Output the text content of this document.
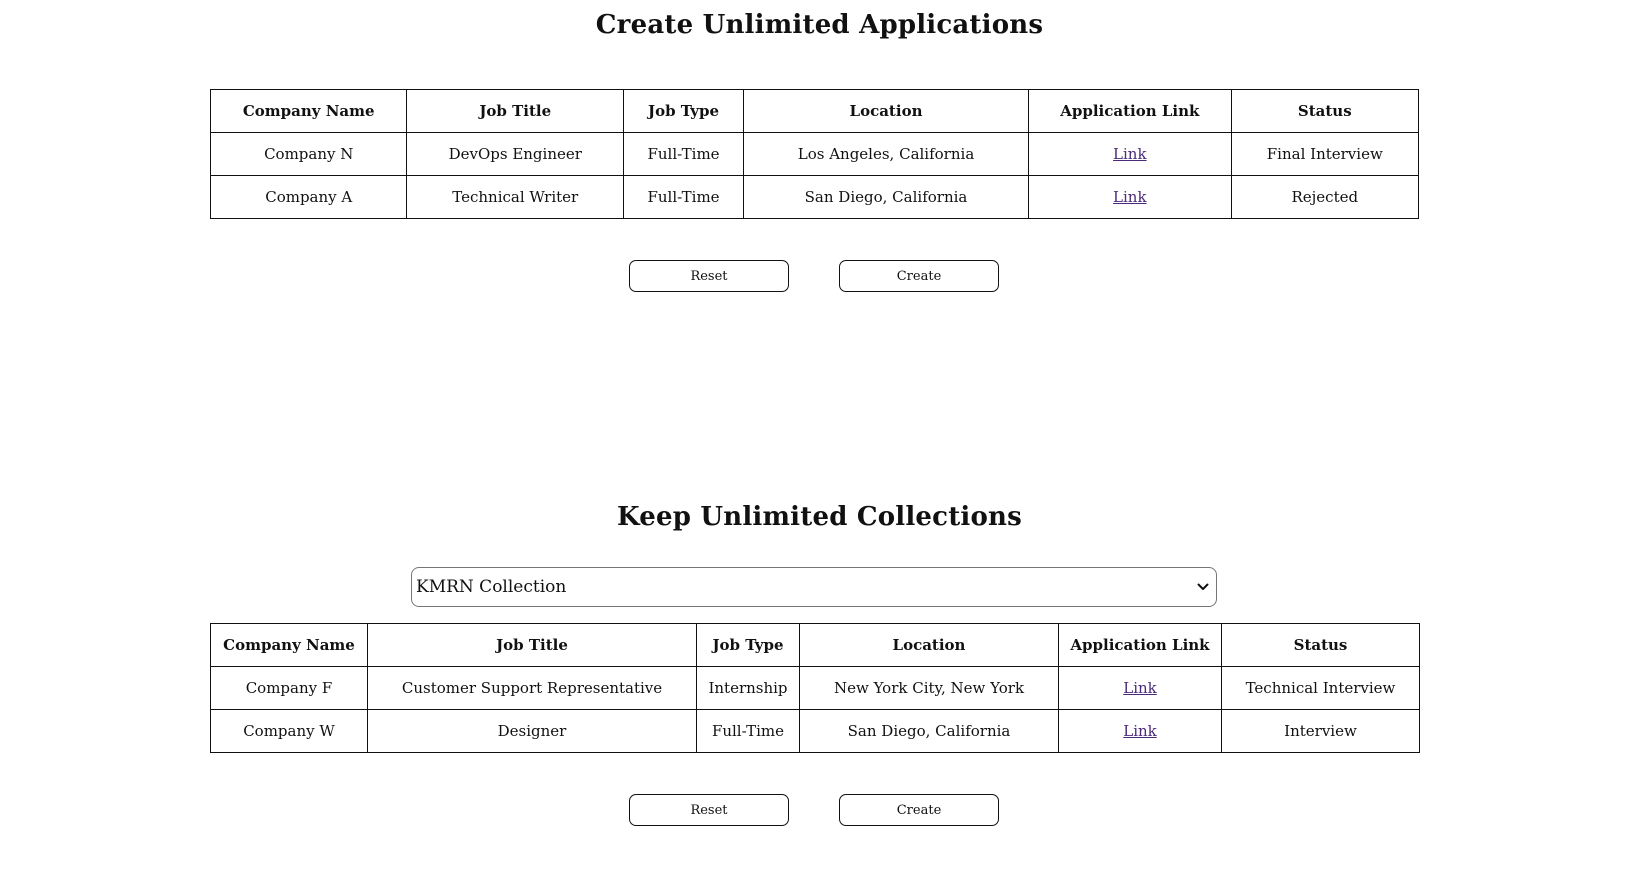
Create Unlimited Applications
Company Name	Job Title	Job Type	Location	Application Link	Status
Company N	DevOps Engineer	Full-Time	Los Angeles, California	Link	Final Interview
Company A	Technical Writer	Full-Time	San Diego, California	Link	Rejected
Reset	Create
Keep Unlimited Collections
KMRN Collection
Company Name	Job Title	Job Type	Location	Application Link	Status
Company F	Customer Support Representative	Internship	New York City, New York	Link	Technical Interview
Company W	Designer	Full-Time	San Diego, California	Link	Interview
Reset	Create
